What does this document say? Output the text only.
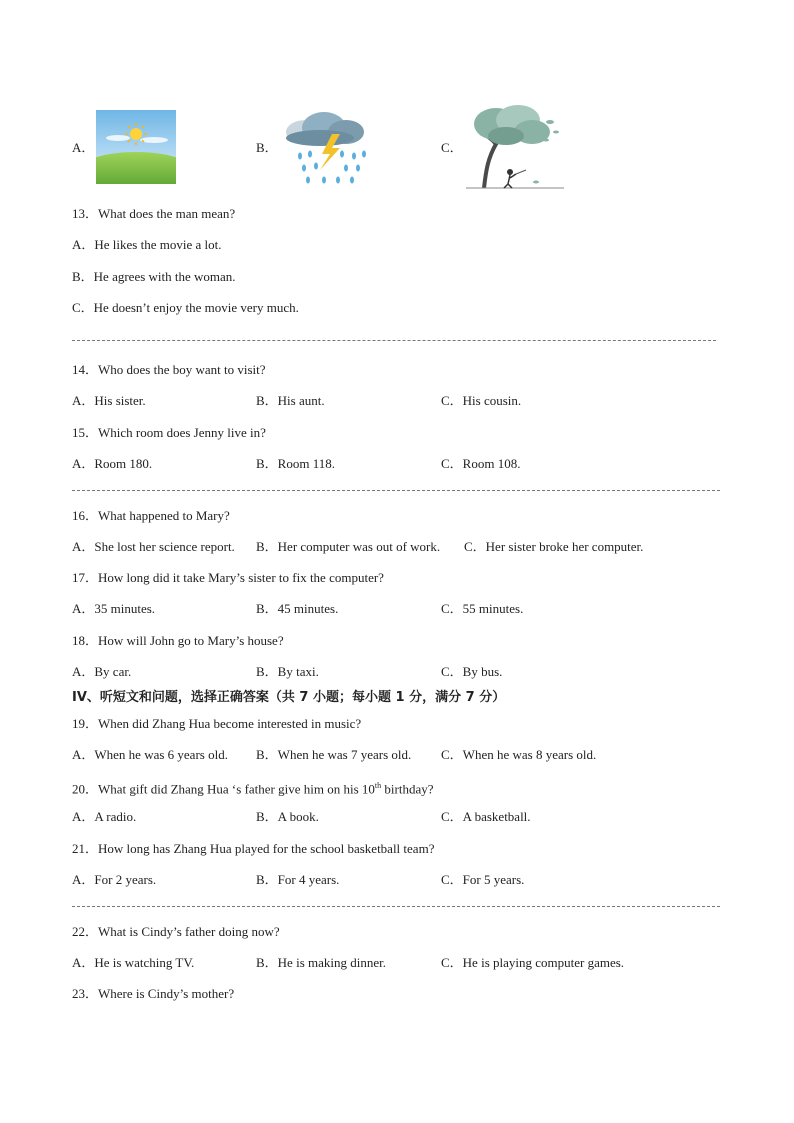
A．	B．	C．
13．What does the man mean?
A．He likes the movie a lot.
B．He agrees with the woman.
C．He doesn’t enjoy the movie very much.
14．Who does the boy want to visit?
A．His sister.	B．His aunt.	C．His cousin.
15．Which room does Jenny live in?
A．Room 180.	B．Room 118.	C．Room 108.
16．What happened to Mary?
A．She lost her science report. B．Her computer was out of work. C．Her sister broke her computer.
17．How long did it take Mary’s sister to fix the computer?
A．35 minutes.	B．45 minutes.	C．55 minutes.
18．How will John go to Mary’s house?
A．By car.	B．By taxi.	C．By bus.
IV、听短文和问题，选择正确答案（共 7 小题；每小题 1 分，满分 7 分）
19．When did Zhang Hua become interested in music?
A．When he was 6 years old. B．When he was 7 years old. C．When he was 8 years old.
20．What gift did Zhang Hua ‘s father give him on his 10th birthday?
A．A radio.	B．A book.	C．A basketball.
21．How long has Zhang Hua played for the school basketball team?
A．For 2 years.	B．For 4 years.	C．For 5 years.
22．What is Cindy’s father doing now?
A．He is watching TV.	B．He is making dinner.	C．He is playing computer games.
23．Where is Cindy’s mother?
